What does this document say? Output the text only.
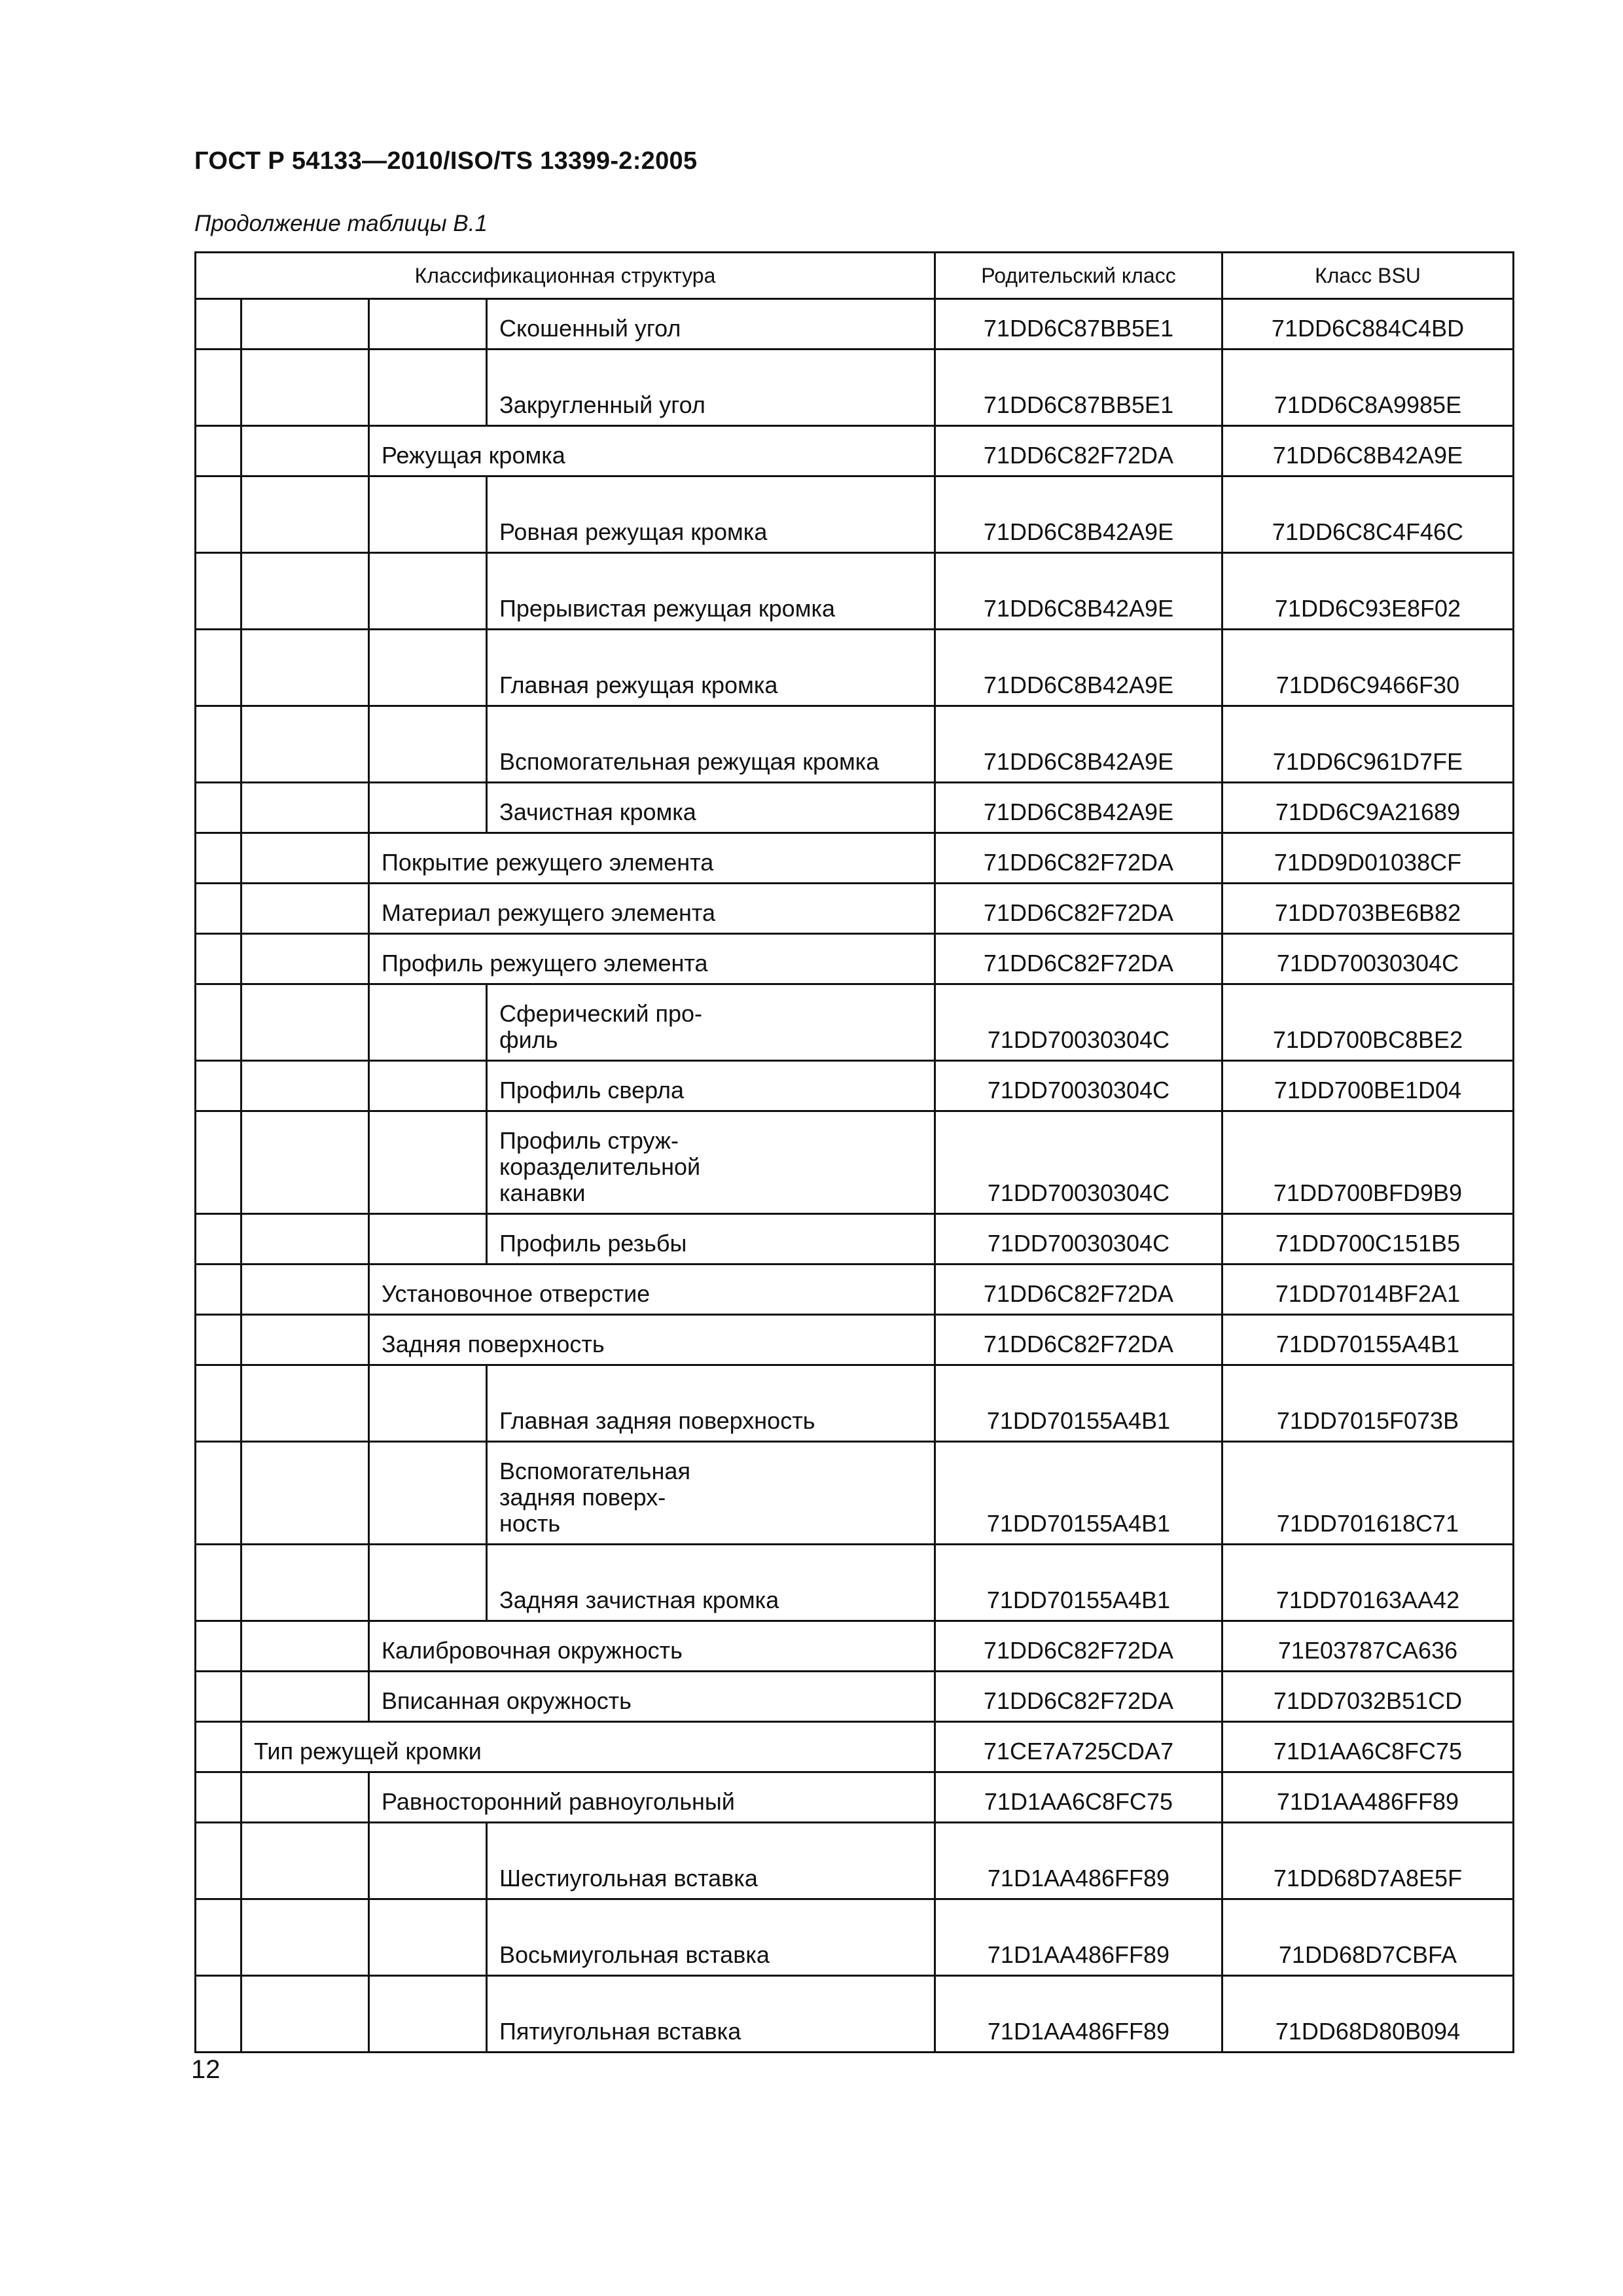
ГОСТ Р 54133—2010/ISO/TS 13399-2:2005
Продолжение таблицы В.1
Классификационная структура				Родительский класс	Класс BSU
			Скошенный угол	71DD6C87BB5E1	71DD6C884C4BD
			Закругленный угол	71DD6C87BB5E1	71DD6C8A9985E
		Режущая кромка		71DD6C82F72DA	71DD6C8B42A9E
			Ровная режущая кромка	71DD6C8B42A9E	71DD6C8C4F46C
			Прерывистая режущая кромка	71DD6C8B42A9E	71DD6C93E8F02
			Главная режущая кромка	71DD6C8B42A9E	71DD6C9466F30
			Вспомогательная режущая кромка	71DD6C8B42A9E	71DD6C961D7FE
			Зачистная кромка	71DD6C8B42A9E	71DD6C9A21689
		Покрытие режущего элемента		71DD6C82F72DA	71DD9D01038CF
		Материал режущего элемента		71DD6C82F72DA	71DD703BE6B82
		Профиль режущего элемента		71DD6C82F72DA	71DD70030304C
			Сферический про-
филь	71DD70030304C	71DD700BC8BE2
			Профиль сверла	71DD70030304C	71DD700BE1D04
			Профиль струж-
коразделительной
канавки	71DD70030304C	71DD700BFD9B9
			Профиль резьбы	71DD70030304C	71DD700C151B5
		Установочное отверстие		71DD6C82F72DA	71DD7014BF2A1
		Задняя поверхность		71DD6C82F72DA	71DD70155A4B1
			Главная задняя поверхность	71DD70155A4B1	71DD7015F073B
			Вспомогательная
задняя поверх-
ность	71DD70155A4B1	71DD701618C71
			Задняя зачистная кромка	71DD70155A4B1	71DD70163AA42
		Калибровочная окружность		71DD6C82F72DA	71E03787CA636
		Вписанная окружность		71DD6C82F72DA	71DD7032B51CD
	Тип режущей кромки			71CE7A725CDA7	71D1AA6C8FC75
		Равносторонний равноугольный		71D1AA6C8FC75	71D1AA486FF89
			Шестиугольная вставка	71D1AA486FF89	71DD68D7A8E5F
			Восьмиугольная вставка	71D1AA486FF89	71DD68D7CBFA
			Пятиугольная вставка	71D1AA486FF89	71DD68D80B094
12
